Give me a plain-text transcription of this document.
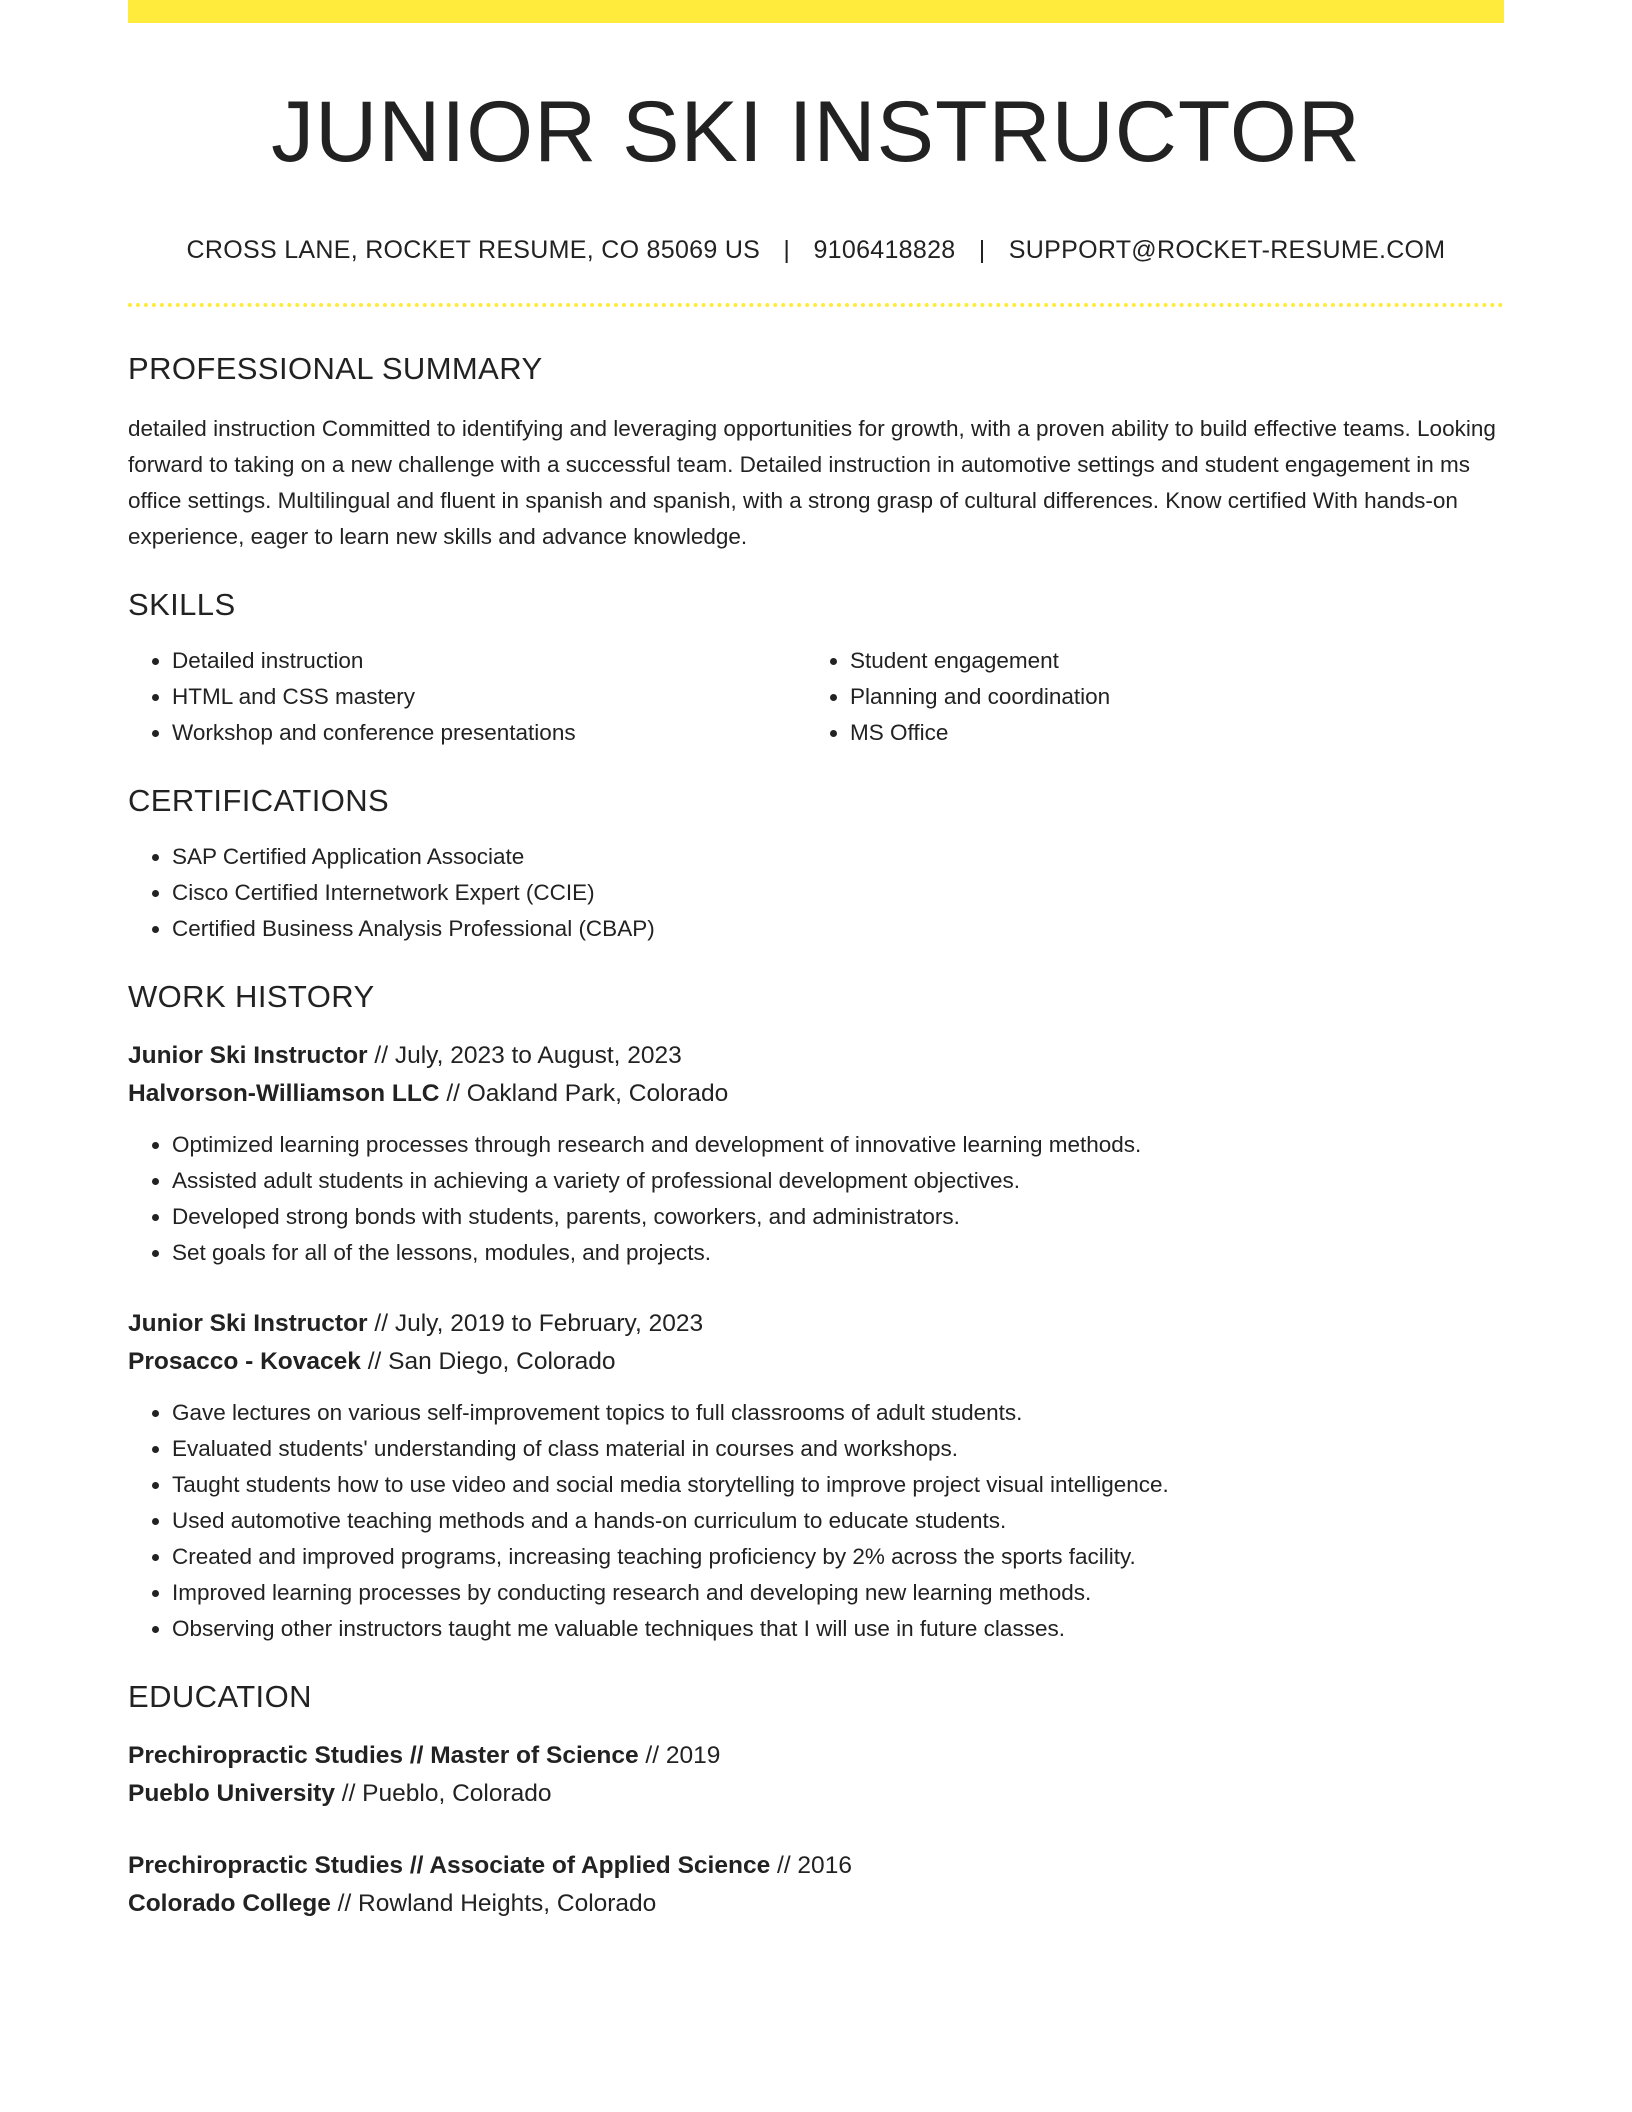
JUNIOR SKI INSTRUCTOR
CROSS LANE, ROCKET RESUME, CO 85069 US | 9106418828 | SUPPORT@ROCKET-RESUME.COM
PROFESSIONAL SUMMARY
detailed instruction Committed to identifying and leveraging opportunities for growth, with a proven ability to build effective teams. Looking forward to taking on a new challenge with a successful team. Detailed instruction in automotive settings and student engagement in ms office settings. Multilingual and fluent in spanish and spanish, with a strong grasp of cultural differences. Know certified With hands-on experience, eager to learn new skills and advance knowledge.
SKILLS
• Detailed instruction
• HTML and CSS mastery
• Workshop and conference presentations
• Student engagement
• Planning and coordination
• MS Office
CERTIFICATIONS
• SAP Certified Application Associate
• Cisco Certified Internetwork Expert (CCIE)
• Certified Business Analysis Professional (CBAP)
WORK HISTORY
Junior Ski Instructor // July, 2023 to August, 2023
Halvorson-Williamson LLC // Oakland Park, Colorado
• Optimized learning processes through research and development of innovative learning methods.
• Assisted adult students in achieving a variety of professional development objectives.
• Developed strong bonds with students, parents, coworkers, and administrators.
• Set goals for all of the lessons, modules, and projects.
Junior Ski Instructor // July, 2019 to February, 2023
Prosacco - Kovacek // San Diego, Colorado
• Gave lectures on various self-improvement topics to full classrooms of adult students.
• Evaluated students' understanding of class material in courses and workshops.
• Taught students how to use video and social media storytelling to improve project visual intelligence.
• Used automotive teaching methods and a hands-on curriculum to educate students.
• Created and improved programs, increasing teaching proficiency by 2% across the sports facility.
• Improved learning processes by conducting research and developing new learning methods.
• Observing other instructors taught me valuable techniques that I will use in future classes.
EDUCATION
Prechiropractic Studies // Master of Science // 2019
Pueblo University // Pueblo, Colorado
Prechiropractic Studies // Associate of Applied Science // 2016
Colorado College // Rowland Heights, Colorado
